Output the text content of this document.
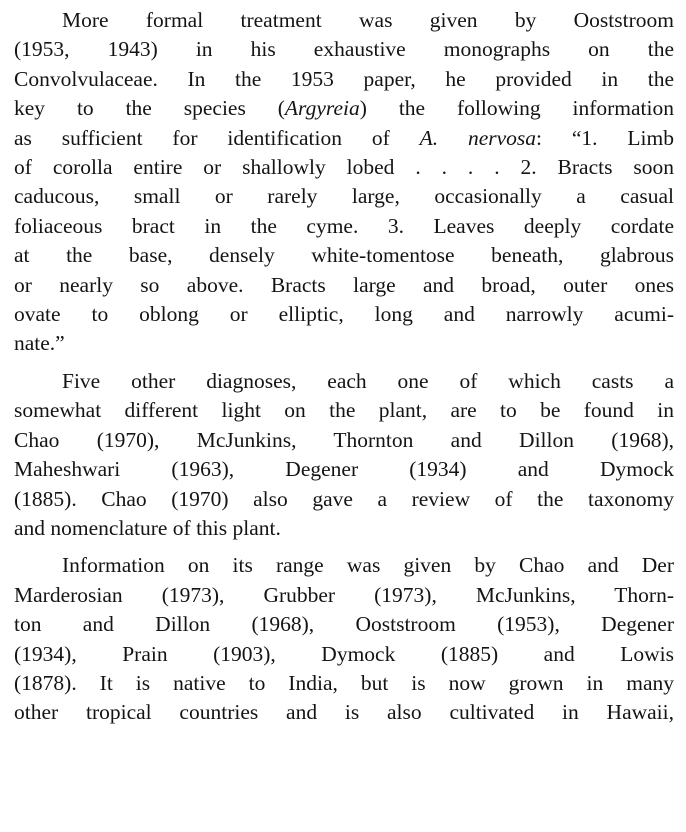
More formal treatment was given by Ooststroom
(1953, 1943) in his exhaustive monographs on the
Convolvulaceae. In the 1953 paper, he provided in the
key to the species (Argyreia) the following information
as sufficient for identification of A. nervosa: “1. Limb
of corolla entire or shallowly lobed . . . . 2. Bracts soon
caducous, small or rarely large, occasionally a casual
foliaceous bract in the cyme. 3. Leaves deeply cordate
at the base, densely white-tomentose beneath, glabrous
or nearly so above. Bracts large and broad, outer ones
ovate to oblong or elliptic, long and narrowly acumi-
nate.”
Five other diagnoses, each one of which casts a
somewhat different light on the plant, are to be found in
Chao (1970), McJunkins, Thornton and Dillon (1968),
Maheshwari (1963), Degener (1934) and Dymock
(1885). Chao (1970) also gave a review of the taxonomy
and nomenclature of this plant.
Information on its range was given by Chao and Der
Marderosian (1973), Grubber (1973), McJunkins, Thorn-
ton and Dillon (1968), Ooststroom (1953), Degener
(1934), Prain (1903), Dymock (1885) and Lowis
(1878). It is native to India, but is now grown in many
other tropical countries and is also cultivated in Hawaii,
